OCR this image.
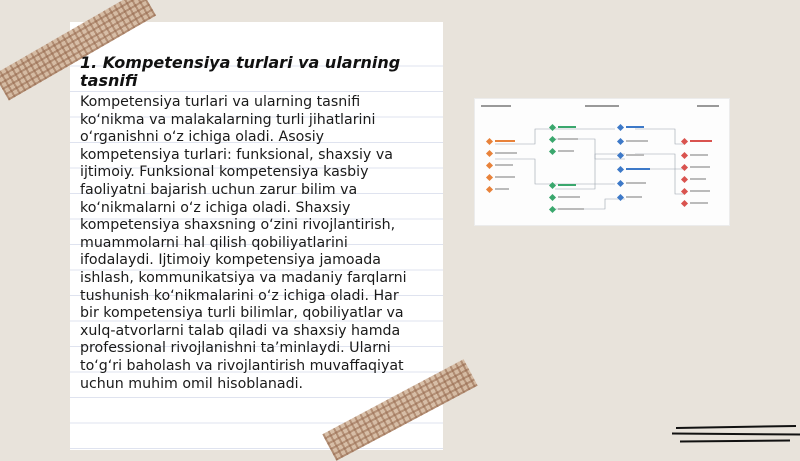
1. Kompetensiya turlari va ularning tasnifi

Kompetensiya turlari va ularning tasnifi ko‘nikma va malakalarning turli jihatlarini o‘rganishni o‘z ichiga oladi. Asosiy kompetensiya turlari: funksional, shaxsiy va ijtimoiy. Funksional kompetensiya kasbiy faoliyatni bajarish uchun zarur bilim va ko‘nikmalarni o‘z ichiga oladi. Shaxsiy kompetensiya shaxsning o‘zini rivojlantirish, muammolarni hal qilish qobiliyatlarini ifodalaydi. Ijtimoiy kompetensiya jamoada ishlash, kommunikatsiya va madaniy farqlarni tushunish ko‘nikmalarini o‘z ichiga oladi. Har bir kompetensiya turli bilimlar, qobiliyatlar va xulq-atvorlarni talab qiladi va shaxsiy hamda professional rivojlanishni ta’minlaydi. Ularni to‘g‘ri baholash va rivojlantirish muvaffaqiyat uchun muhim omil hisoblanadi.
